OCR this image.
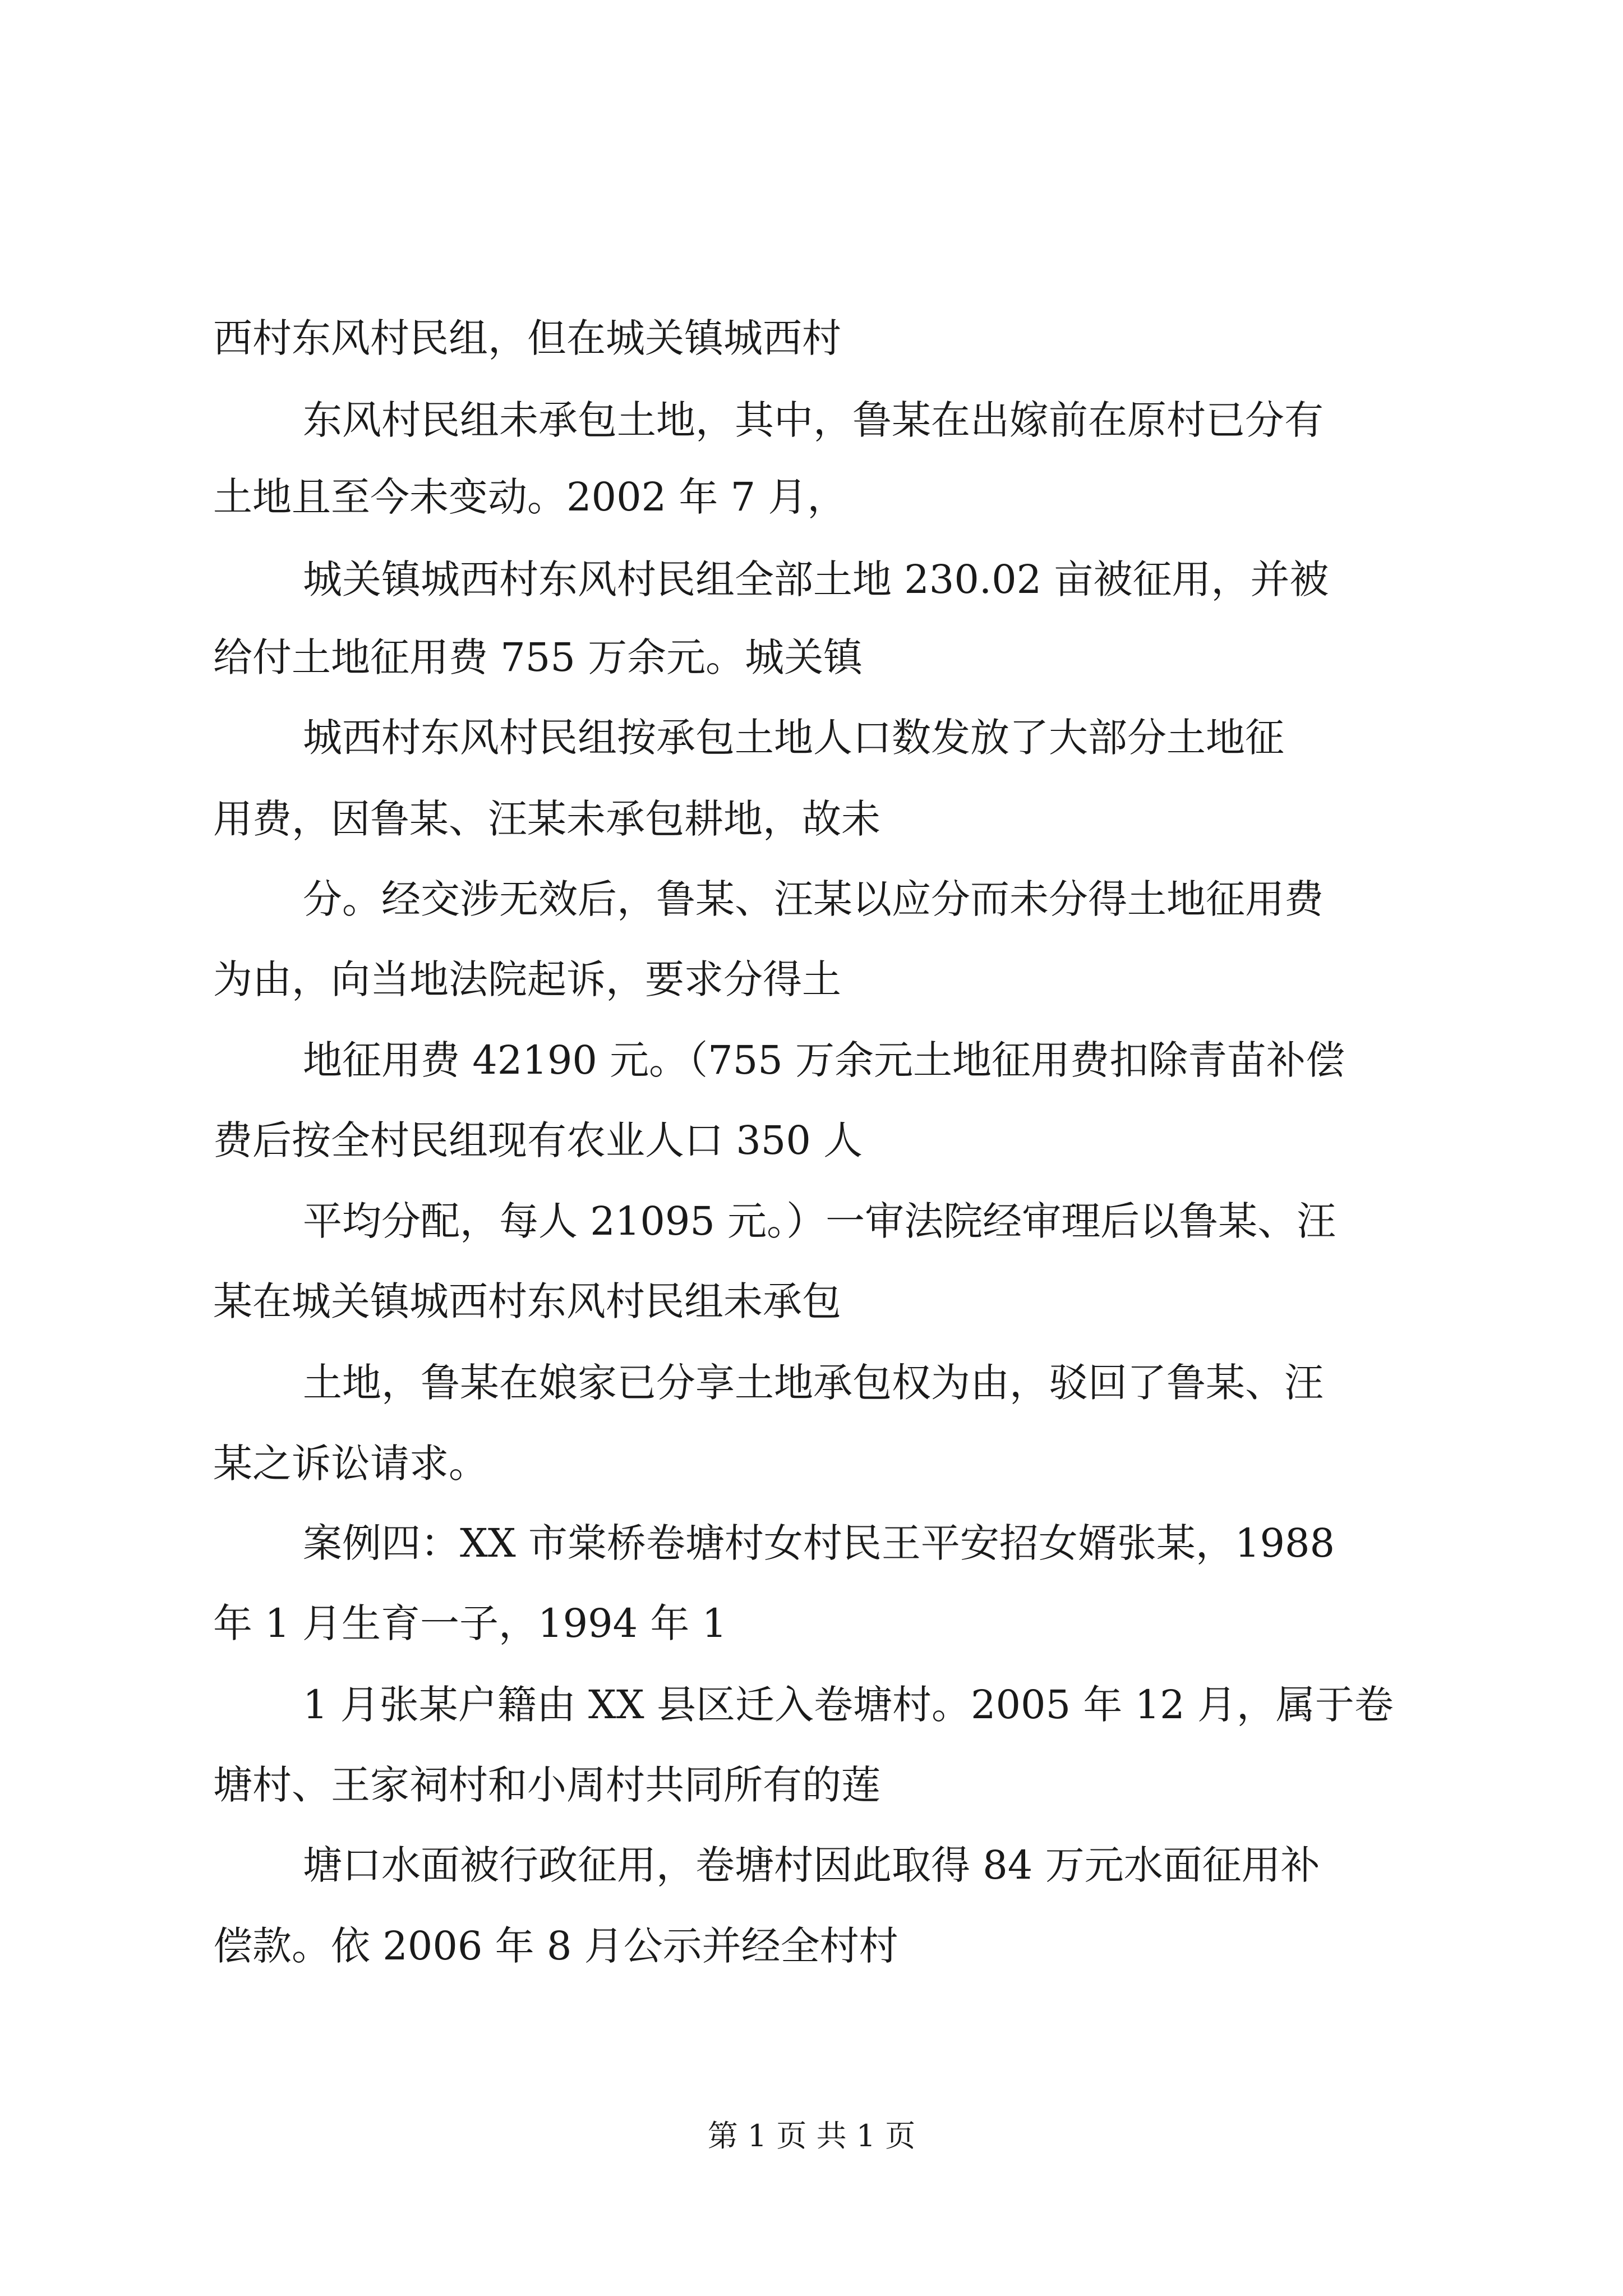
西村东风村民组，但在城关镇城西村
东风村民组未承包土地，其中，鲁某在出嫁前在原村已分有
土地且至今未变动。2002 年 7 月，
城关镇城西村东风村民组全部土地 230.02 亩被征用，并被
给付土地征用费 755 万余元。城关镇
城西村东风村民组按承包土地人口数发放了大部分土地征
用费，因鲁某、汪某未承包耕地，故未
分。经交涉无效后，鲁某、汪某以应分而未分得土地征用费
为由，向当地法院起诉，要求分得土
地征用费 42190 元。（755 万余元土地征用费扣除青苗补偿
费后按全村民组现有农业人口 350 人
平均分配，每人 21095 元。）一审法院经审理后以鲁某、汪
某在城关镇城西村东风村民组未承包
土地，鲁某在娘家已分享土地承包权为由，驳回了鲁某、汪
某之诉讼请求。
案例四：XX 市棠桥卷塘村女村民王平安招女婿张某，1988
年 1 月生育一子，1994 年 1
1 月张某户籍由 XX 县区迁入卷塘村。2005 年 12 月，属于卷
塘村、王家祠村和小周村共同所有的莲
塘口水面被行政征用，卷塘村因此取得 84 万元水面征用补
偿款。依 2006 年 8 月公示并经全村村
第 1 页 共 1 页
